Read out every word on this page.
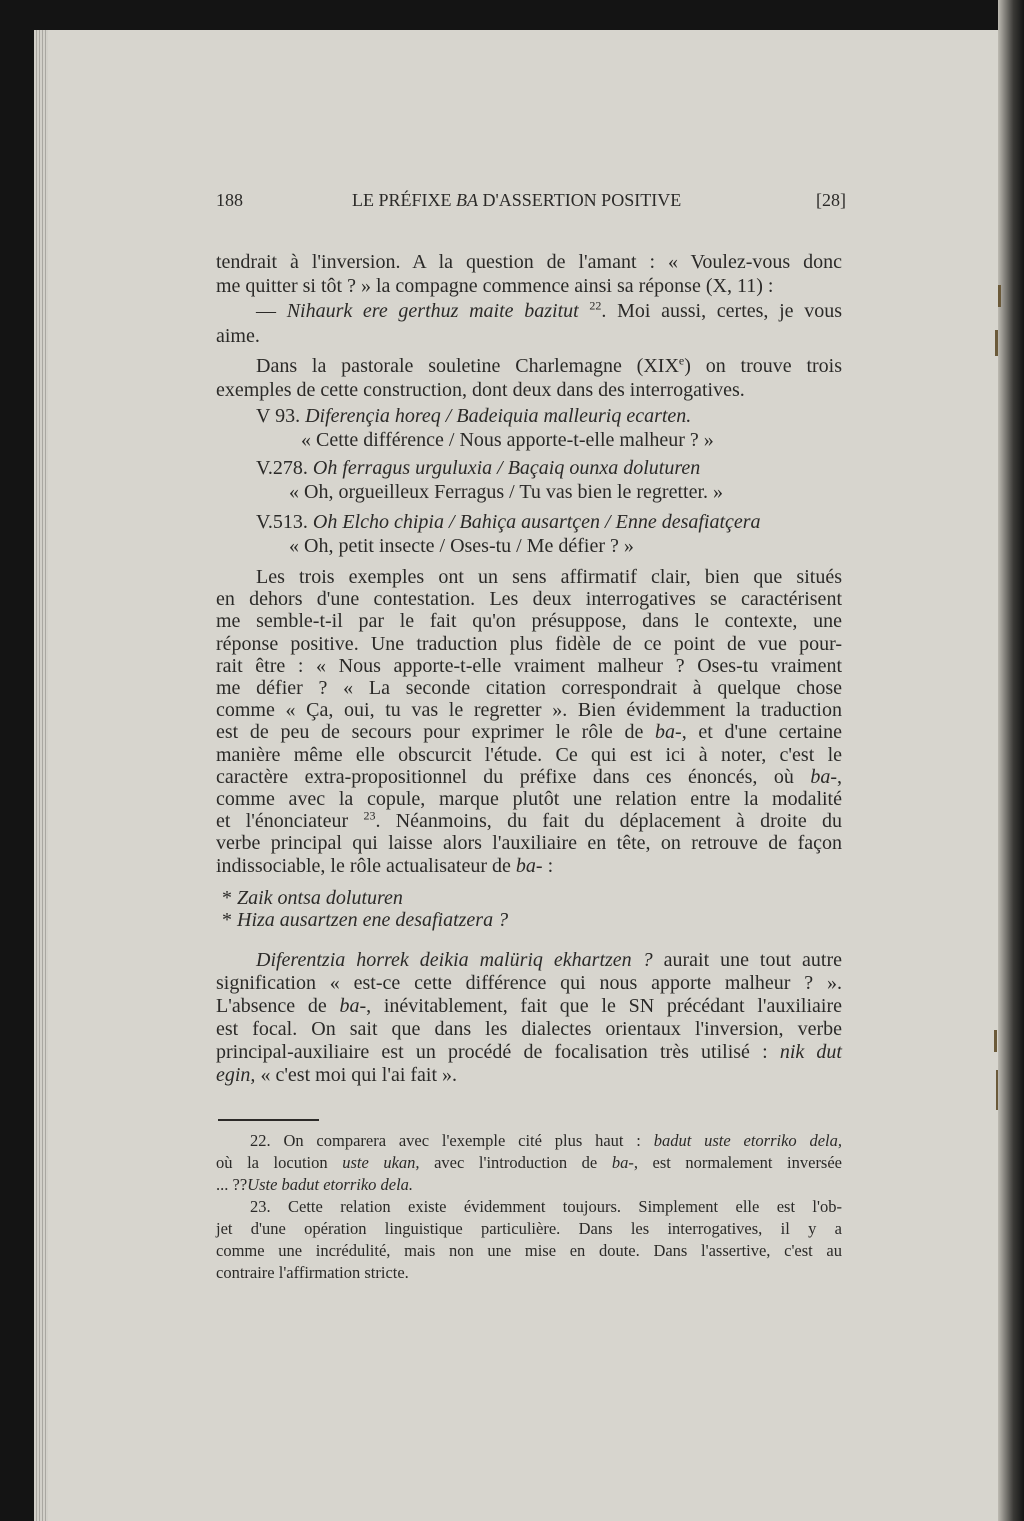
188	LE PRÉFIXE BA D'ASSERTION POSITIVE	[28]
tendrait à l'inversion. A la question de l'amant : « Voulez-vous donc
me quitter si tôt ? » la compagne commence ainsi sa réponse (X, 11) :
— Nihaurk ere gerthuz maite bazitut $^{22}$. Moi aussi, certes, je vous
aime.
Dans la pastorale souletine Charlemagne (XIXe) on trouve trois
exemples de cette construction, dont deux dans des interrogatives.
V 93. Diferençia horeq / Badeiquia malleuriq ecarten.
« Cette différence / Nous apporte-t-elle malheur ? »
V.278. Oh ferragus urguluxia / Baçaiq ounxa doluturen
« Oh, orgueilleux Ferragus / Tu vas bien le regretter. »
V.513. Oh Elcho chipia / Bahiça ausartçen / Enne desafiatçera
« Oh, petit insecte / Oses-tu / Me défier ? »
Les trois exemples ont un sens affirmatif clair, bien que situés
en dehors d'une contestation. Les deux interrogatives se caractérisent
me semble-t-il par le fait qu'on présuppose, dans le contexte, une
réponse positive. Une traduction plus fidèle de ce point de vue pour-
rait être : « Nous apporte-t-elle vraiment malheur ? Oses-tu vraiment
me défier ? « La seconde citation correspondrait à quelque chose
comme « Ça, oui, tu vas le regretter ». Bien évidemment la traduction
est de peu de secours pour exprimer le rôle de ba-, et d'une certaine
manière même elle obscurcit l'étude. Ce qui est ici à noter, c'est le
caractère extra-propositionnel du préfixe dans ces énoncés, où ba-,
comme avec la copule, marque plutôt une relation entre la modalité
et l'énonciateur $^{23}$. Néanmoins, du fait du déplacement à droite du
verbe principal qui laisse alors l'auxiliaire en tête, on retrouve de façon
indissociable, le rôle actualisateur de ba- :
* Zaik ontsa doluturen
* Hiza ausartzen ene desafiatzera ?
Diferentzia horrek deikia malüriq ekhartzen ? aurait une tout autre
signification « est-ce cette différence qui nous apporte malheur ? ».
L'absence de ba-, inévitablement, fait que le SN précédant l'auxiliaire
est focal. On sait que dans les dialectes orientaux l'inversion, verbe
principal-auxiliaire est un procédé de focalisation très utilisé : nik dut
egin, « c'est moi qui l'ai fait ».
22. On comparera avec l'exemple cité plus haut : badut uste etorriko dela,
où la locution uste ukan, avec l'introduction de ba-, est normalement inversée
... ??Uste badut etorriko dela.
23. Cette relation existe évidemment toujours. Simplement elle est l'ob-
jet d'une opération linguistique particulière. Dans les interrogatives, il y a
comme une incrédulité, mais non une mise en doute. Dans l'assertive, c'est au
contraire l'affirmation stricte.
